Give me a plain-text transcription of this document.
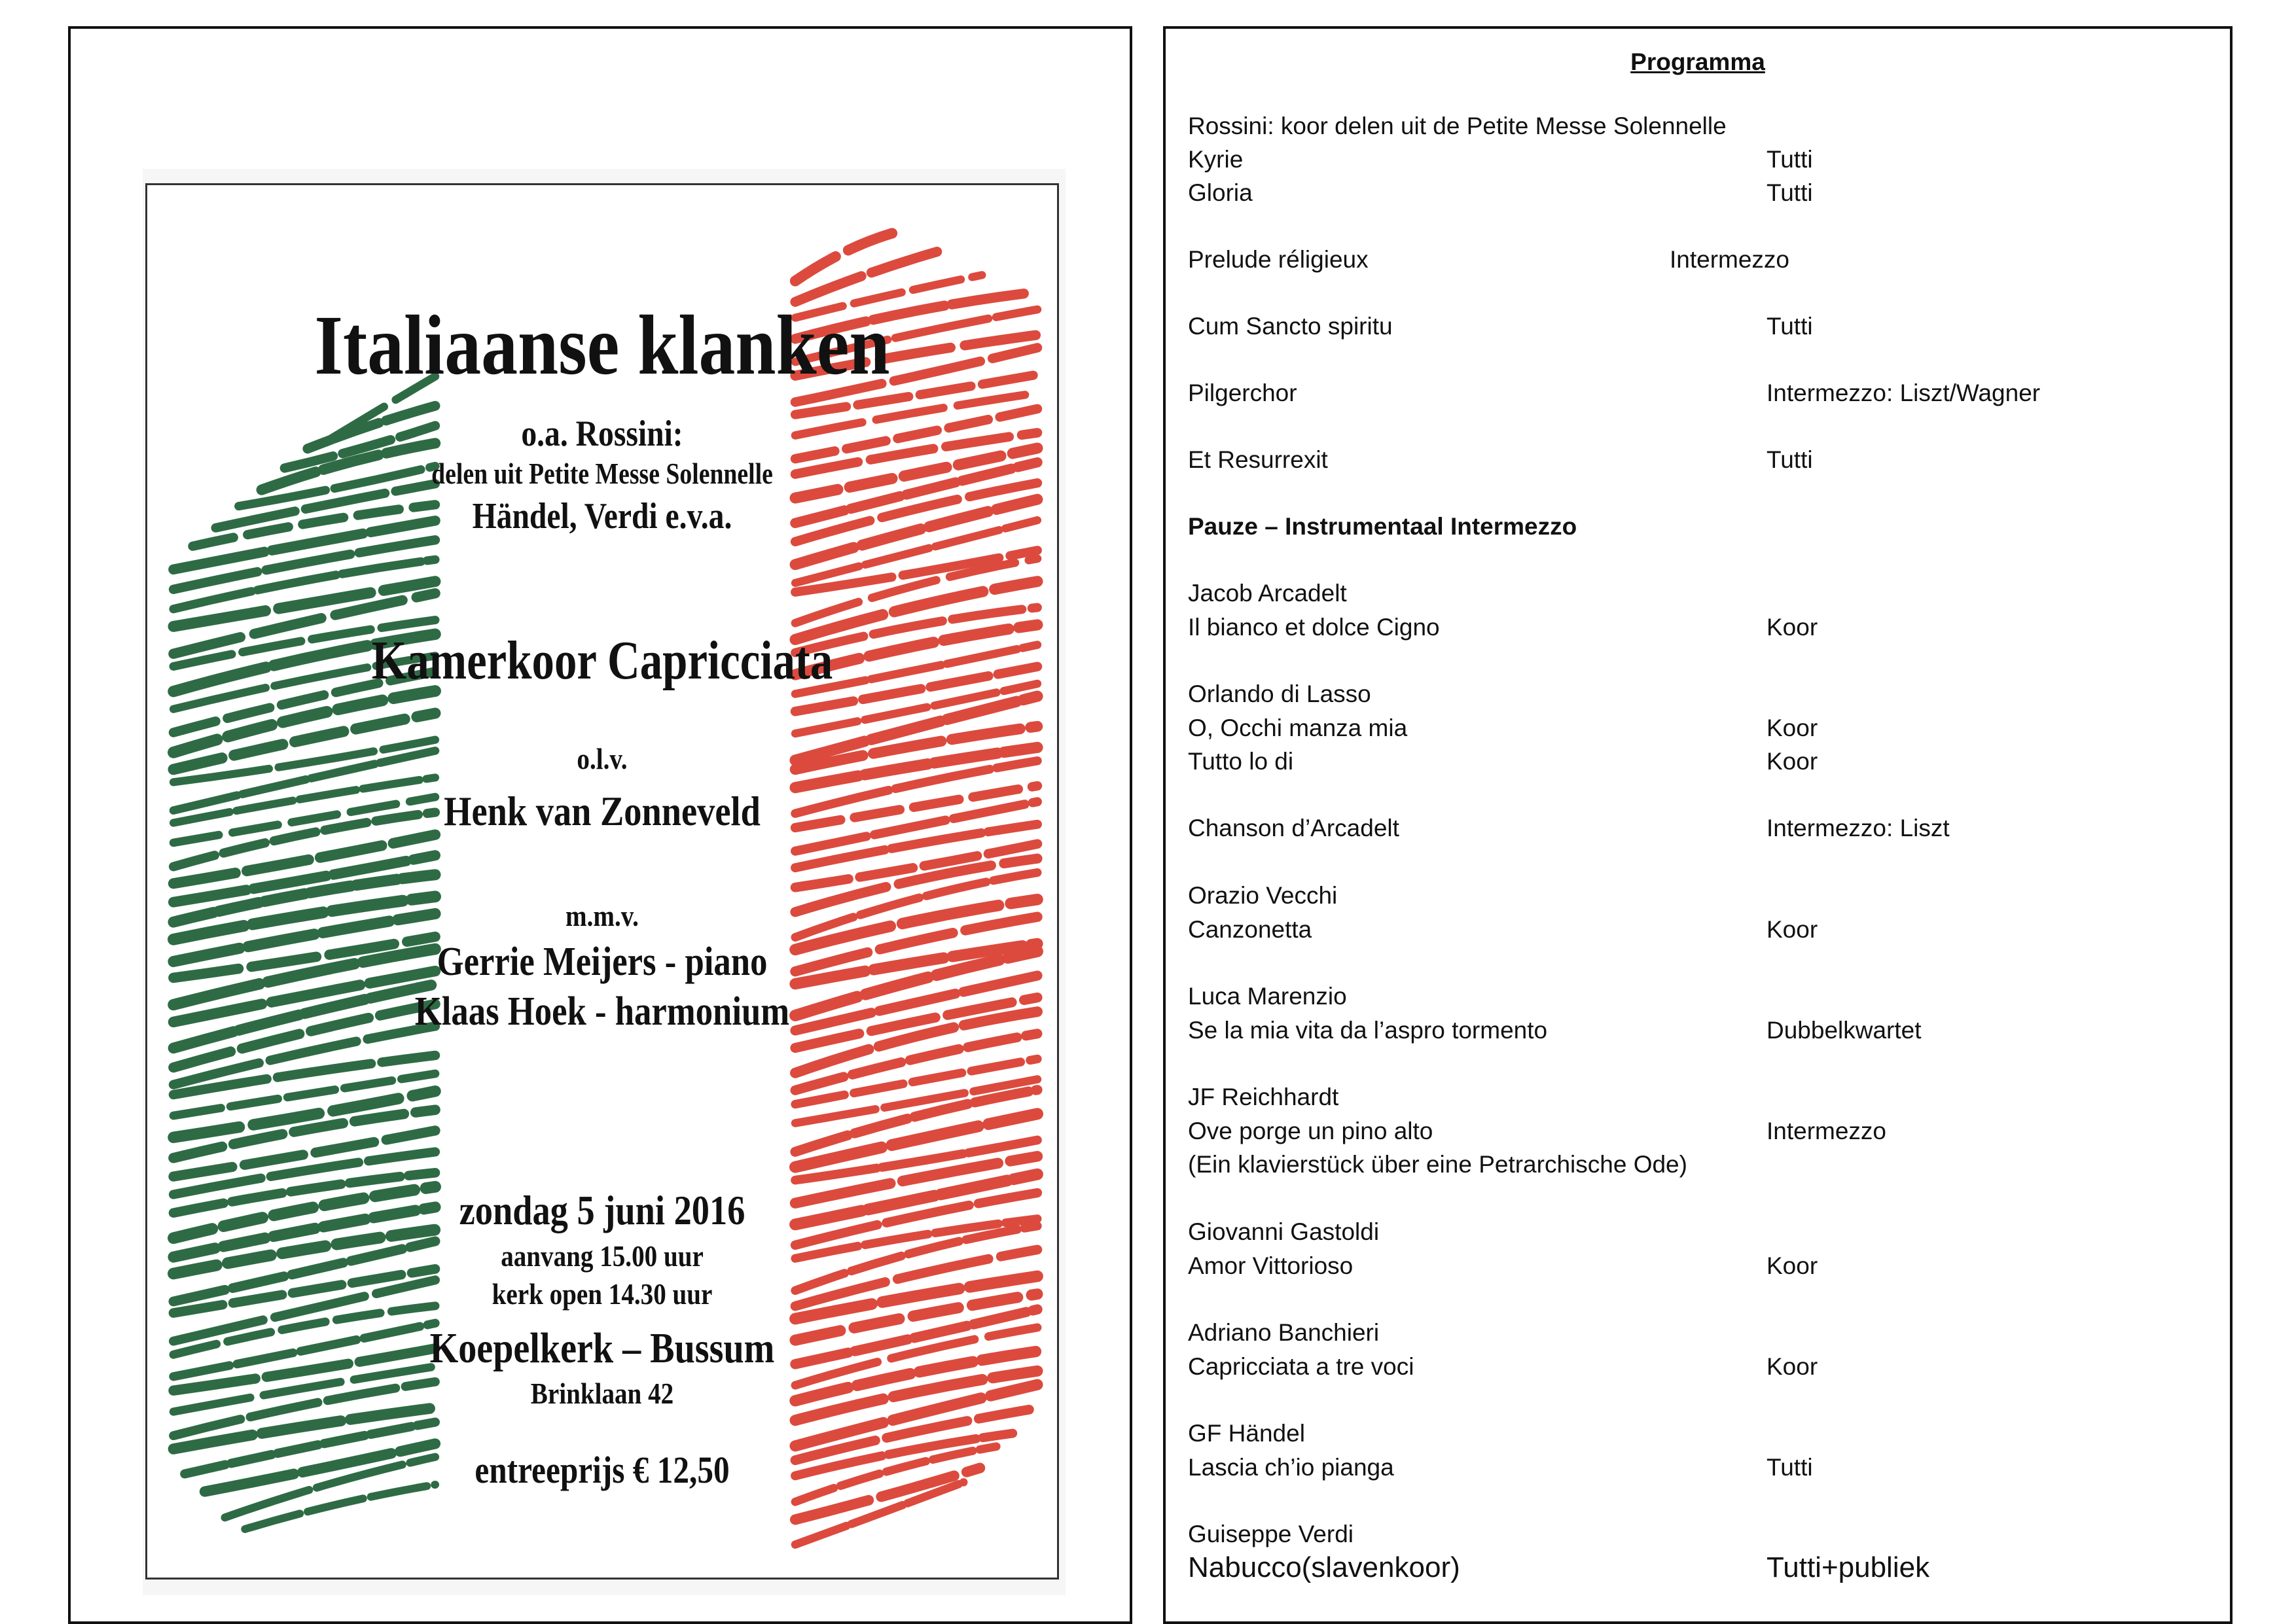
Italiaanse klanken
o.a. Rossini:
delen uit Petite Messe Solennelle
Händel, Verdi e.v.a.
Kamerkoor Capricciata
o.l.v.
Henk van Zonneveld
m.m.v.
Gerrie Meijers - piano
Klaas Hoek - harmonium
zondag 5 juni 2016
aanvang 15.00 uur
kerk open 14.30 uur
Koepelkerk – Bussum
Brinklaan 42
entreeprijs € 12,50
Programma
Rossini: koor delen uit de Petite Messe Solennelle
Kyrie	Tutti
Gloria	Tutti
Prelude réligieux	Intermezzo
Cum Sancto spiritu	Tutti
Pilgerchor	Intermezzo: Liszt/Wagner
Et Resurrexit	Tutti
Pauze – Instrumentaal Intermezzo
Jacob Arcadelt
Il bianco et dolce Cigno	Koor
Orlando di Lasso
O, Occhi manza mia	Koor
Tutto lo di	Koor
Chanson d’Arcadelt	Intermezzo: Liszt
Orazio Vecchi
Canzonetta	Koor
Luca Marenzio
Se la mia vita da l’aspro tormento	Dubbelkwartet
JF Reichhardt
Ove porge un pino alto	Intermezzo
(Ein klavierstück über eine Petrarchische Ode)
Giovanni Gastoldi
Amor Vittorioso	Koor
Adriano Banchieri
Capricciata a tre voci	Koor
GF Händel
Lascia ch’io pianga	Tutti
Guiseppe Verdi
Nabucco(slavenkoor)	Tutti+publiek
